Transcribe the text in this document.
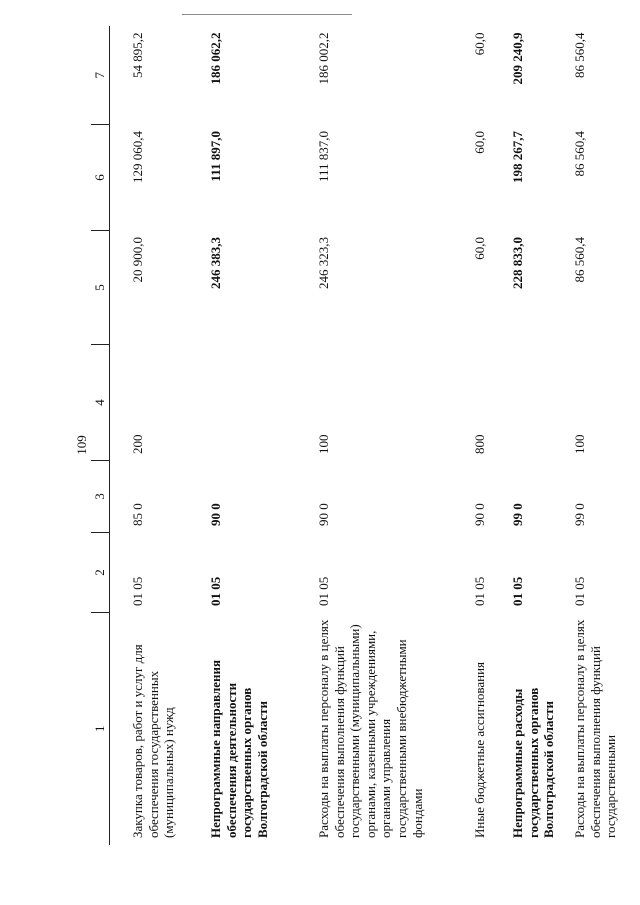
109
1	2	3	4	5	6	7
Закупка товаров, работ и услуг для обеспечения государственных (муниципальных) нужд	01 05	85 0	200	20 900,0	129 060,4	54 895,2
Непрограммные направления обеспечения деятельности государственных органов Волгоградской области	01 05	90 0		246 383,3	111 897,0	186 062,2
Расходы на выплаты персоналу в целях обеспечения выполнения функций государственными (муниципальными) органами, казенными учреждениями, органами управления государственными внебюджетными фондами	01 05	90 0	100	246 323,3	111 837,0	186 002,2
Иные бюджетные ассигнования	01 05	90 0	800	60,0	60,0	60,0
Непрограммные расходы государственных органов Волгоградской области	01 05	99 0		228 833,0	198 267,7	209 240,9
Расходы на выплаты персоналу в целях обеспечения выполнения функций государственными	01 05	99 0	100	86 560,4	86 560,4	86 560,4
